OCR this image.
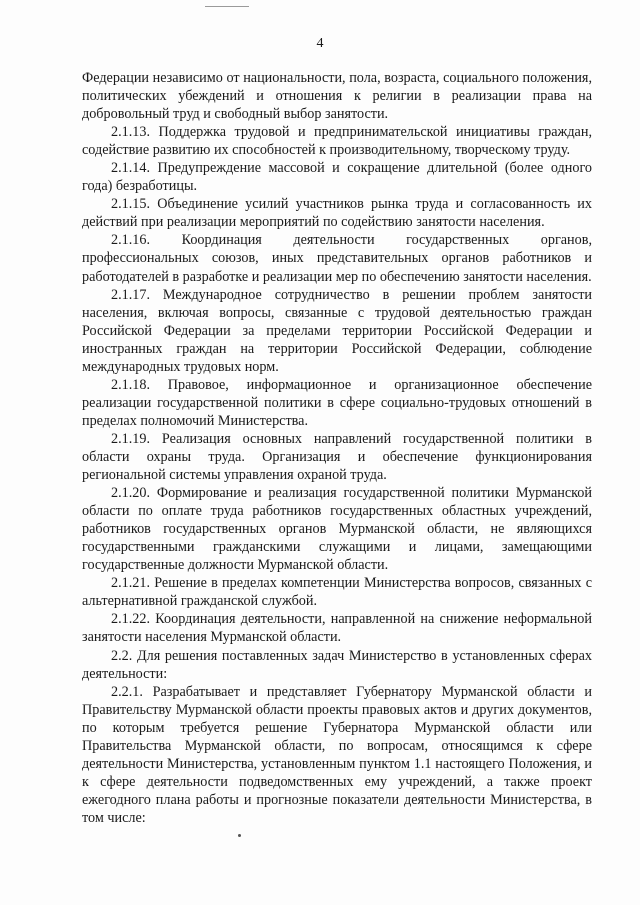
4

Федерации независимо от национальности, пола, возраста, социального положения, политических убеждений и отношения к религии в реализации права на добровольный труд и свободный выбор занятости.

2.1.13. Поддержка трудовой и предпринимательской инициативы граждан, содействие развитию их способностей к производительному, творческому труду.

2.1.14. Предупреждение массовой и сокращение длительной (более одного года) безработицы.

2.1.15. Объединение усилий участников рынка труда и согласованность их действий при реализации мероприятий по содействию занятости населения.

2.1.16. Координация деятельности государственных органов, профессиональных союзов, иных представительных органов работников и работодателей в разработке и реализации мер по обеспечению занятости населения.

2.1.17. Международное сотрудничество в решении проблем занятости населения, включая вопросы, связанные с трудовой деятельностью граждан Российской Федерации за пределами территории Российской Федерации и иностранных граждан на территории Российской Федерации, соблюдение международных трудовых норм.

2.1.18. Правовое, информационное и организационное обеспечение реализации государственной политики в сфере социально-трудовых отношений в пределах полномочий Министерства.

2.1.19. Реализация основных направлений государственной политики в области охраны труда. Организация и обеспечение функционирования региональной системы управления охраной труда.

2.1.20. Формирование и реализация государственной политики Мурманской области по оплате труда работников государственных областных учреждений, работников государственных органов Мурманской области, не являющихся государственными гражданскими служащими и лицами, замещающими государственные должности Мурманской области.

2.1.21. Решение в пределах компетенции Министерства вопросов, связанных с альтернативной гражданской службой.

2.1.22. Координация деятельности, направленной на снижение неформальной занятости населения Мурманской области.

2.2. Для решения поставленных задач Министерство в установленных сферах деятельности:

2.2.1. Разрабатывает и представляет Губернатору Мурманской области и Правительству Мурманской области проекты правовых актов и других документов, по которым требуется решение Губернатора Мурманской области или Правительства Мурманской области, по вопросам, относящимся к сфере деятельности Министерства, установленным пунктом 1.1 настоящего Положения, и к сфере деятельности подведомственных ему учреждений, а также проект ежегодного плана работы и прогнозные показатели деятельности Министерства, в том числе:
